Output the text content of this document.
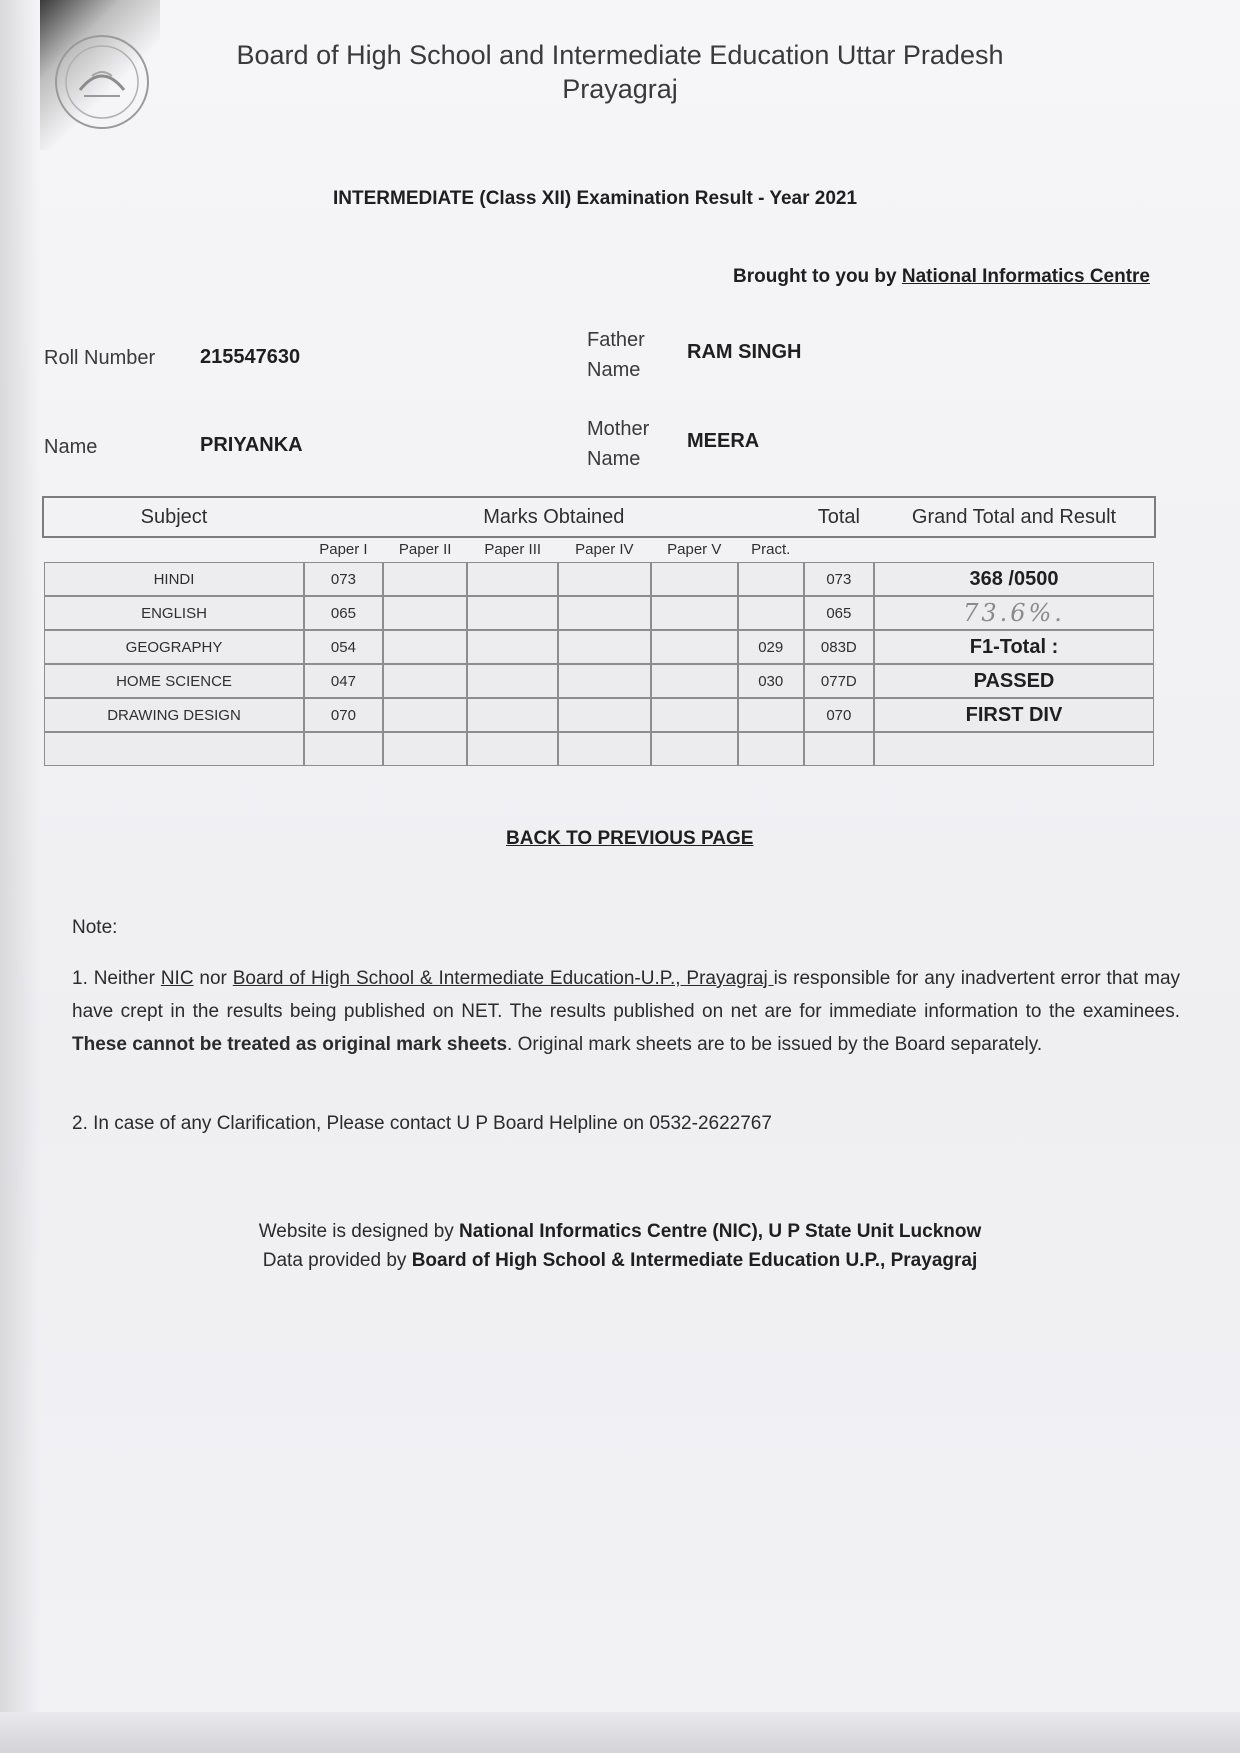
Board of High School and Intermediate Education Uttar Pradesh
Prayagraj
INTERMEDIATE (Class XII) Examination Result - Year 2021
Brought to you by National Informatics Centre
Roll Number 215547630
Name	PRIYANKA
Father
Name
RAM SINGH
Mother
Name
MEERA
Subject	Marks Obtained						Total	Grand Total and Result
	Paper I	Paper II	Paper III	Paper IV	Paper V	Pract.		
HINDI	073						073	368 /0500
ENGLISH	065						065	73.6%.
GEOGRAPHY	054					029	083D	F1-Total :
HOME SCIENCE	047					030	077D	PASSED
DRAWING DESIGN	070						070	FIRST DIV

BACK TO PREVIOUS PAGE
Note:
1. Neither NIC nor Board of High School & Intermediate Education-U.P., Prayagraj is responsible for any inadvertent error that may have crept in the results being published on NET. The results published on net are for immediate information to the examinees. These cannot be treated as original mark sheets. Original mark sheets are to be issued by the Board separately.
2. In case of any Clarification, Please contact U P Board Helpline on 0532-2622767
Website is designed by National Informatics Centre (NIC), U P State Unit Lucknow
Data provided by Board of High School & Intermediate Education U.P., Prayagraj
